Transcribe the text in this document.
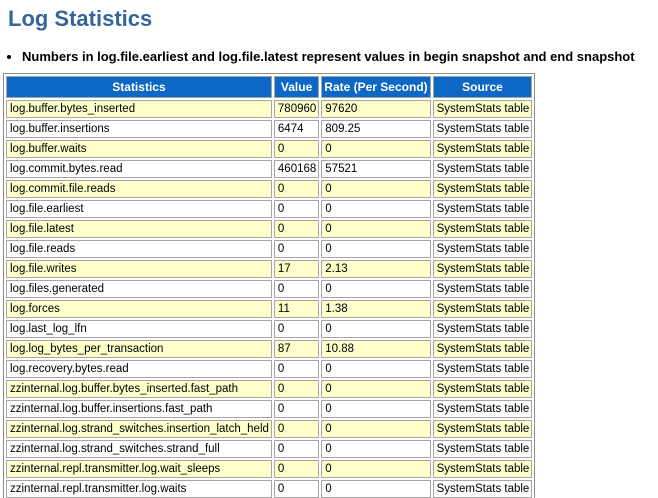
Log Statistics
• Numbers in log.file.earliest and log.file.latest represent values in begin snapshot and end snapshot
Statistics	Value	Rate (Per Second)	Source
log.buffer.bytes_inserted	780960	97620	SystemStats table
log.buffer.insertions	6474	809.25	SystemStats table
log.buffer.waits	0	0	SystemStats table
log.commit.bytes.read	460168	57521	SystemStats table
log.commit.file.reads	0	0	SystemStats table
log.file.earliest	0	0	SystemStats table
log.file.latest	0	0	SystemStats table
log.file.reads	0	0	SystemStats table
log.file.writes	17	2.13	SystemStats table
log.files.generated	0	0	SystemStats table
log.forces	11	1.38	SystemStats table
log.last_log_lfn	0	0	SystemStats table
log.log_bytes_per_transaction	87	10.88	SystemStats table
log.recovery.bytes.read	0	0	SystemStats table
zzinternal.log.buffer.bytes_inserted.fast_path	0	0	SystemStats table
zzinternal.log.buffer.insertions.fast_path	0	0	SystemStats table
zzinternal.log.strand_switches.insertion_latch_held	0	0	SystemStats table
zzinternal.log.strand_switches.strand_full	0	0	SystemStats table
zzinternal.repl.transmitter.log.wait_sleeps	0	0	SystemStats table
zzinternal.repl.transmitter.log.waits	0	0	SystemStats table
